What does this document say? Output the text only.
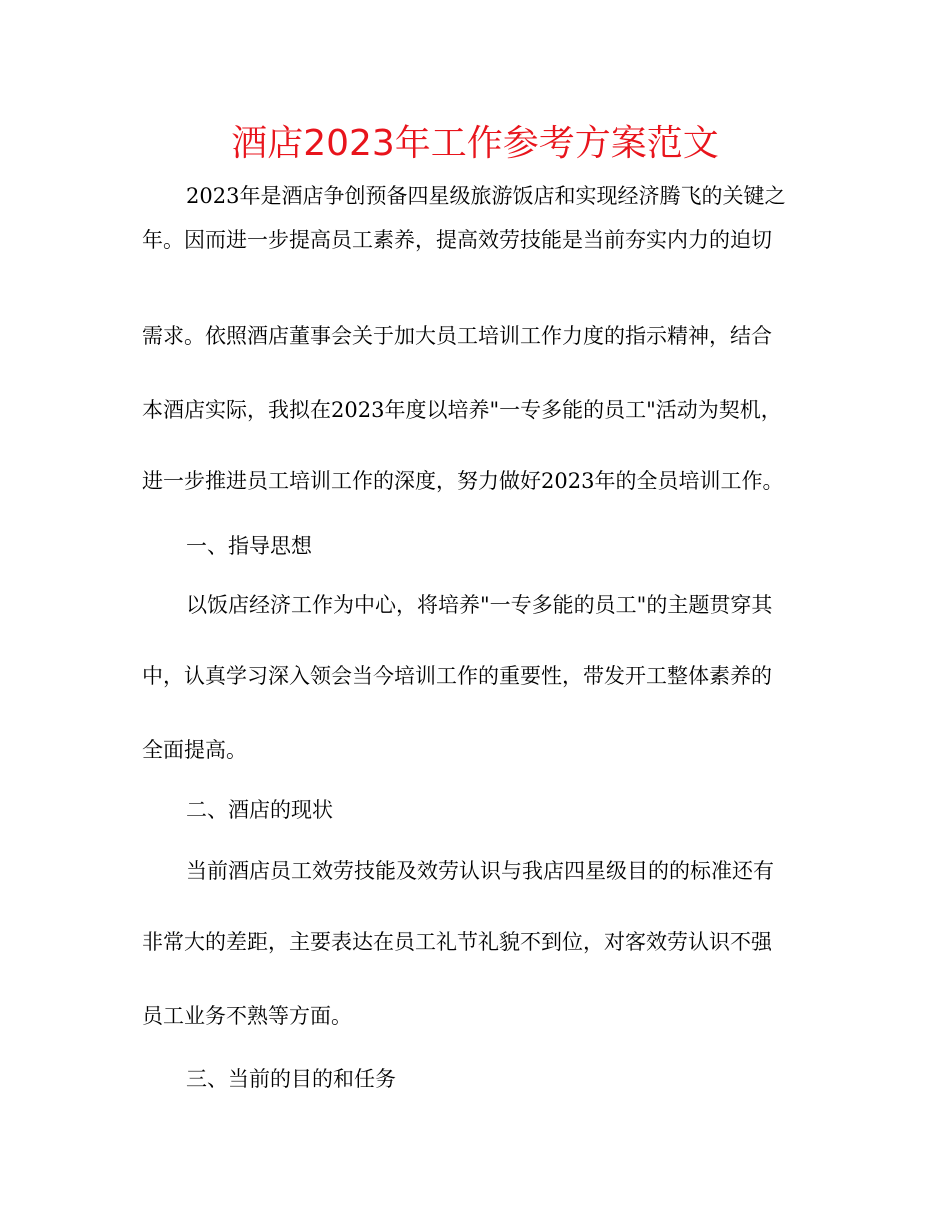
酒店2023年工作参考方案范文

2023年是酒店争创预备四星级旅游饭店和实现经济腾飞的关键之

年。因而进一步提高员工素养，提高效劳技能是当前夯实内力的迫切

需求。依照酒店董事会关于加大员工培训工作力度的指示精神，结合

本酒店实际，我拟在2023年度以培养"一专多能的员工"活动为契机，

进一步推进员工培训工作的深度，努力做好2023年的全员培训工作。

一、指导思想

以饭店经济工作为中心，将培养"一专多能的员工"的主题贯穿其

中，认真学习深入领会当今培训工作的重要性，带发开工整体素养的

全面提高。

二、酒店的现状

当前酒店员工效劳技能及效劳认识与我店四星级目的的标准还有

非常大的差距，主要表达在员工礼节礼貌不到位，对客效劳认识不强

员工业务不熟等方面。

三、当前的目的和任务
